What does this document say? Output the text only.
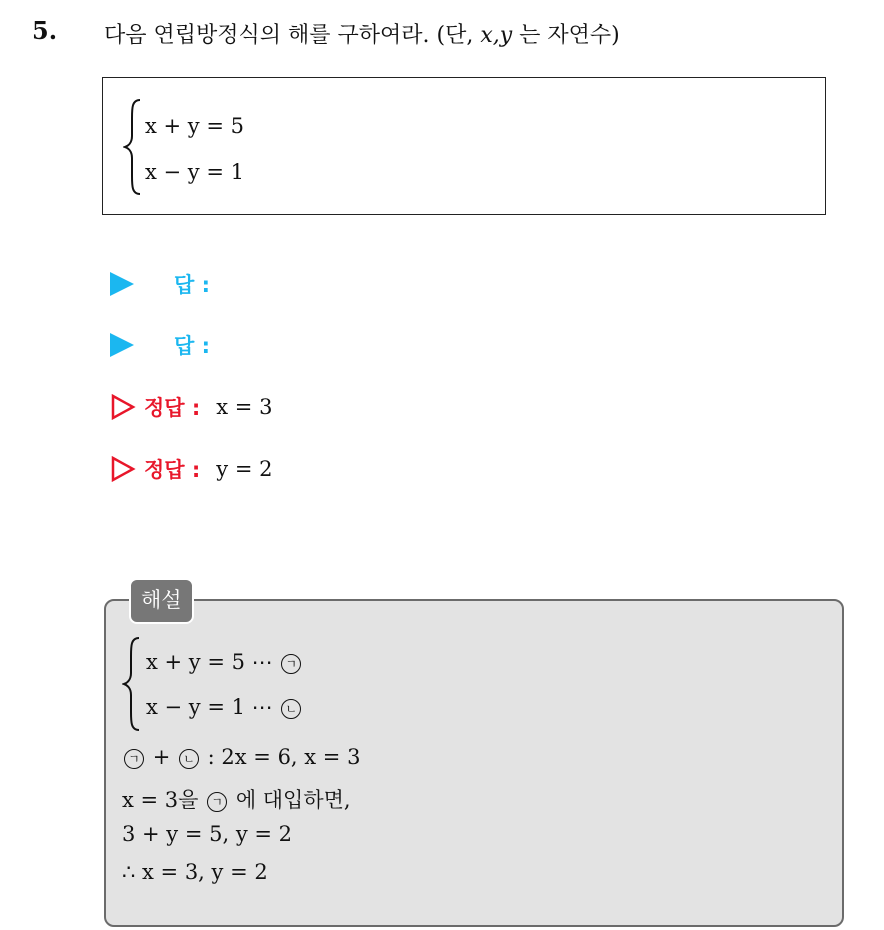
5. 다음 연립방정식의 해를 구하여라. (단, x,y 는 자연수)
x + y = 5
x − y = 1
답 :
답 :
정답 : x = 3
정답 : y = 2
해설
x + y = 5 ⋯ ㄱ
x − y = 1 ⋯ ㄴ
ㄱ + ㄴ : 2x = 6, x = 3
x = 3을 ㄱ 에 대입하면,
3 + y = 5, y = 2
∴ x = 3, y = 2
